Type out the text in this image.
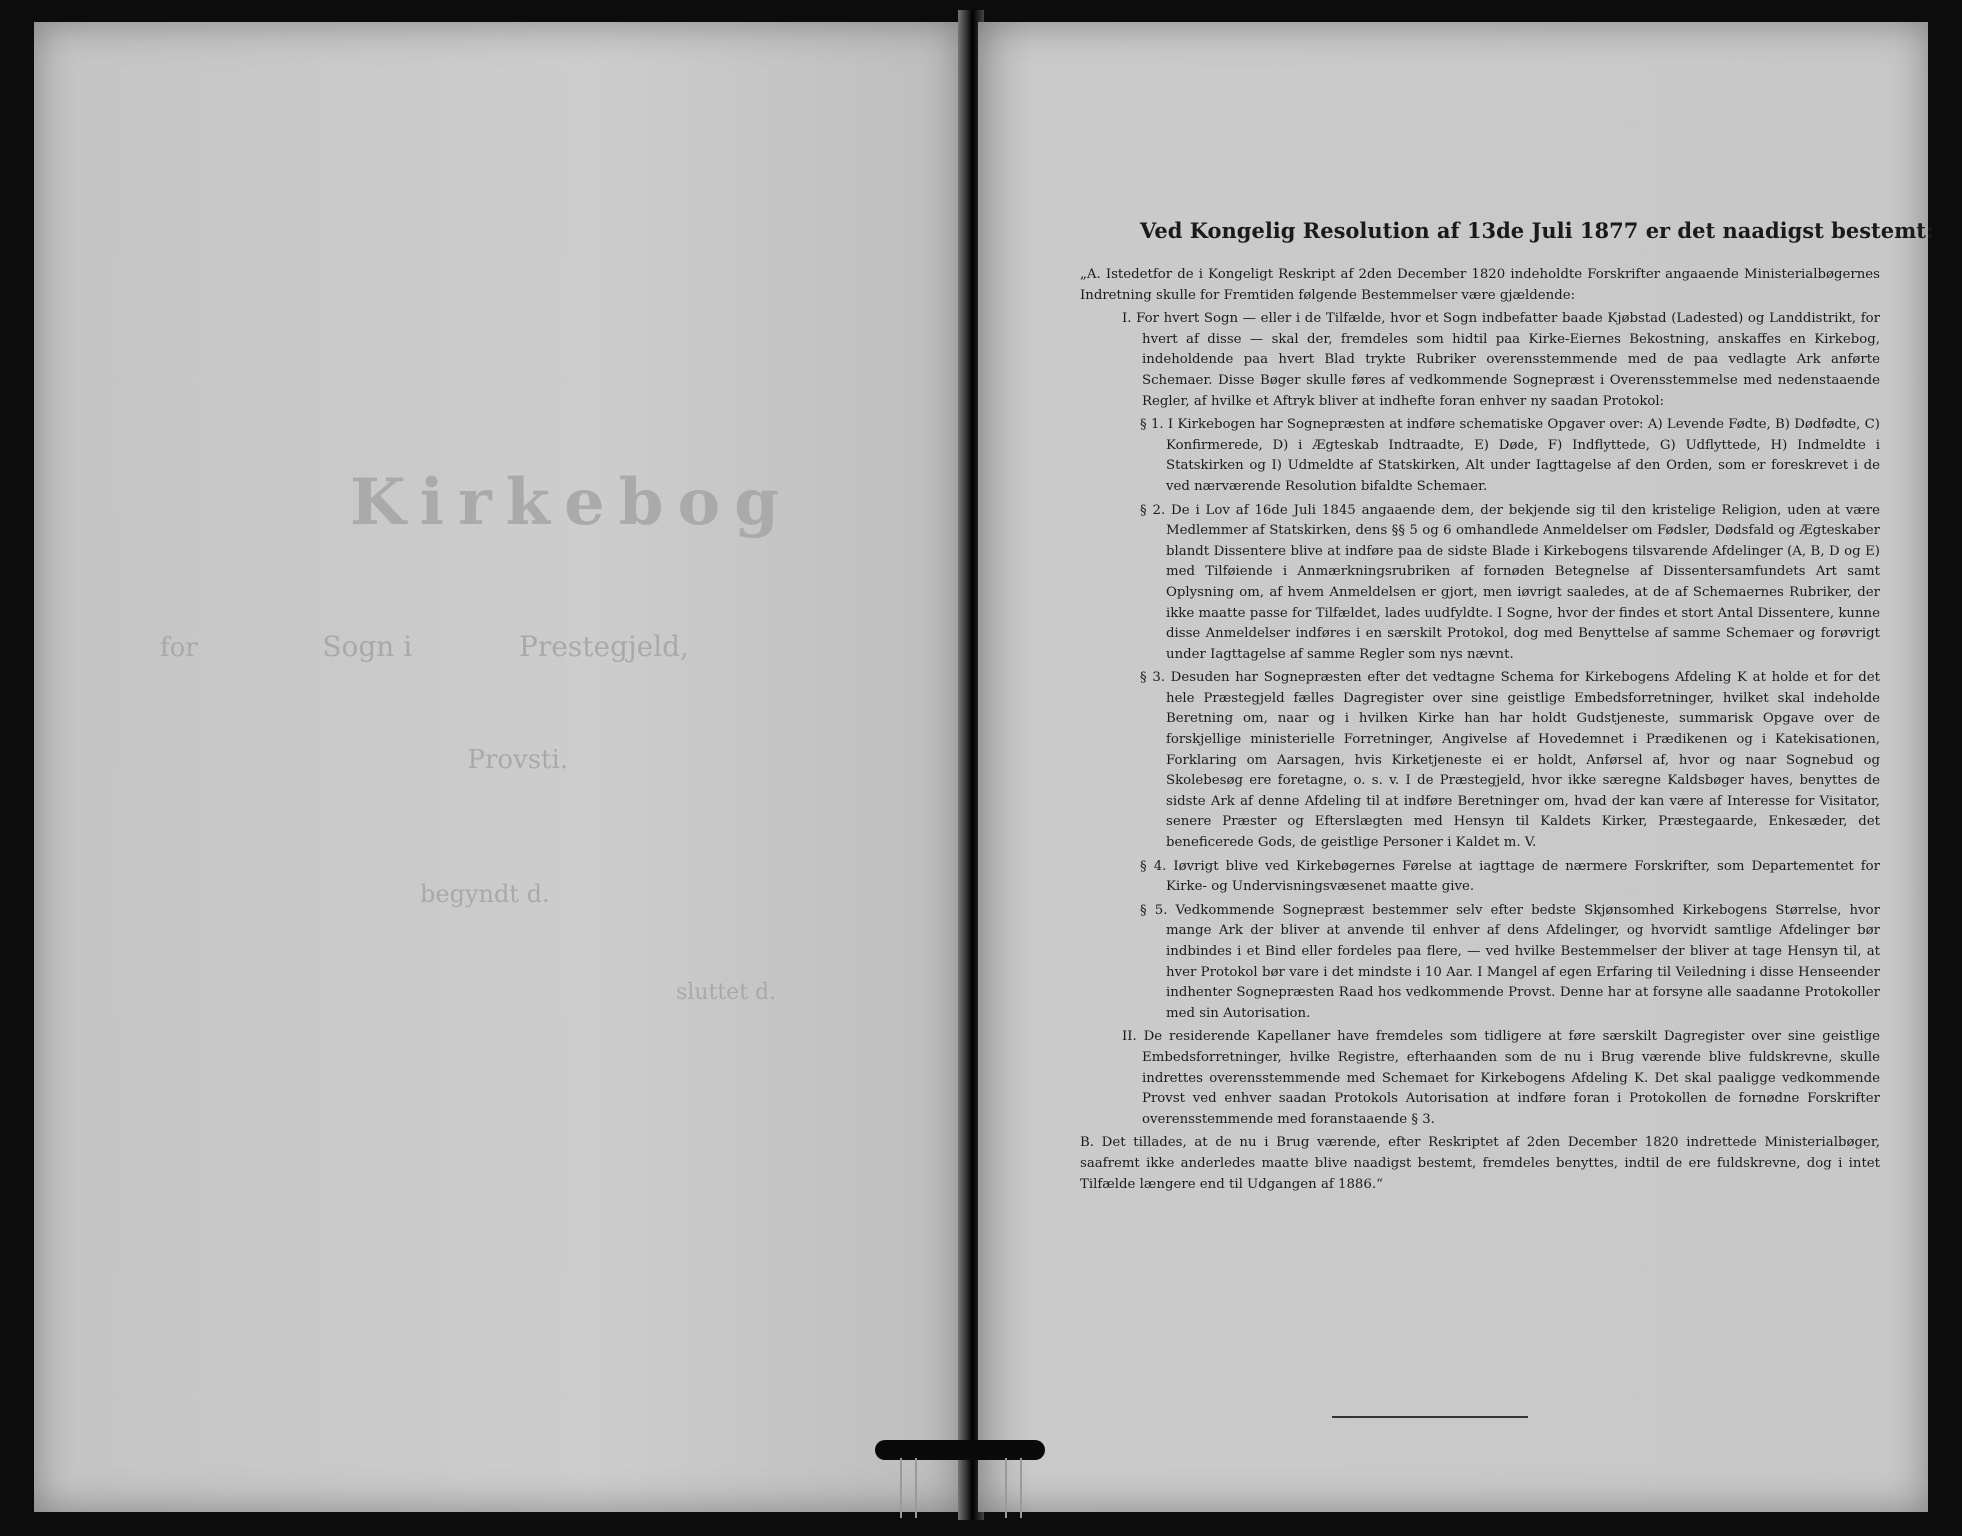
Kirkebog
for	Sogn i	Prestegjeld,
Provsti.
begyndt d.
sluttet d.
Ved Kongelig Resolution af 13de Juli 1877 er det naadigst bestemt:

„A. Istedetfor de i Kongeligt Reskript af 2den December 1820 indeholdte Forskrifter angaaende Ministerialbøgernes Indretning skulle for Fremtiden følgende Bestemmelser være gjældende:

I. For hvert Sogn — eller i de Tilfælde, hvor et Sogn indbefatter baade Kjøbstad (Ladested) og Landdistrikt, for hvert af disse — skal der, fremdeles som hidtil paa Kirke-Eiernes Bekostning, anskaffes en Kirkebog, indeholdende paa hvert Blad trykte Rubriker overensstemmende med de paa vedlagte Ark anførte Schemaer. Disse Bøger skulle føres af vedkommende Sognepræst i Overensstemmelse med nedenstaaende Regler, af hvilke et Aftryk bliver at indhefte foran enhver ny saadan Protokol:

§ 1. I Kirkebogen har Sognepræsten at indføre schematiske Opgaver over: A) Levende Fødte, B) Dødfødte, C) Konfirmerede, D) i Ægteskab Indtraadte, E) Døde, F) Indflyttede, G) Udflyttede, H) Indmeldte i Statskirken og I) Udmeldte af Statskirken, Alt under Iagttagelse af den Orden, som er foreskrevet i de ved nærværende Resolution bifaldte Schemaer.

§ 2. De i Lov af 16de Juli 1845 angaaende dem, der bekjende sig til den kristelige Religion, uden at være Medlemmer af Statskirken, dens §§ 5 og 6 omhandlede Anmeldelser om Fødsler, Dødsfald og Ægteskaber blandt Dissentere blive at indføre paa de sidste Blade i Kirkebogens tilsvarende Afdelinger (A, B, D og E) med Tilføiende i Anmærkningsrubriken af fornøden Betegnelse af Dissentersamfundets Art samt Oplysning om, af hvem Anmeldelsen er gjort, men iøvrigt saaledes, at de af Schemaernes Rubriker, der ikke maatte passe for Tilfældet, lades uudfyldte. I Sogne, hvor der findes et stort Antal Dissentere, kunne disse Anmeldelser indføres i en særskilt Protokol, dog med Benyttelse af samme Schemaer og forøvrigt under Iagttagelse af samme Regler som nys nævnt.

§ 3. Desuden har Sognepræsten efter det vedtagne Schema for Kirkebogens Afdeling K at holde et for det hele Præstegjeld fælles Dagregister over sine geistlige Embedsforretninger, hvilket skal indeholde Beretning om, naar og i hvilken Kirke han har holdt Gudstjeneste, summarisk Opgave over de forskjellige ministerielle Forretninger, Angivelse af Hovedemnet i Prædikenen og i Katekisationen, Forklaring om Aarsagen, hvis Kirketjeneste ei er holdt, Anførsel af, hvor og naar Sognebud og Skolebesøg ere foretagne, o. s. v. I de Præstegjeld, hvor ikke særegne Kaldsbøger haves, benyttes de sidste Ark af denne Afdeling til at indføre Beretninger om, hvad der kan være af Interesse for Visitator, senere Præster og Efterslægten med Hensyn til Kaldets Kirker, Præstegaarde, Enkesæder, det beneficerede Gods, de geistlige Personer i Kaldet m. V.

§ 4. Iøvrigt blive ved Kirkebøgernes Førelse at iagttage de nærmere Forskrifter, som Departementet for Kirke- og Undervisningsvæsenet maatte give.

§ 5. Vedkommende Sognepræst bestemmer selv efter bedste Skjønsomhed Kirkebogens Størrelse, hvor mange Ark der bliver at anvende til enhver af dens Afdelinger, og hvorvidt samtlige Afdelinger bør indbindes i et Bind eller fordeles paa flere, — ved hvilke Bestemmelser der bliver at tage Hensyn til, at hver Protokol bør vare i det mindste i 10 Aar. I Mangel af egen Erfaring til Veiledning i disse Henseender indhenter Sognepræsten Raad hos vedkommende Provst. Denne har at forsyne alle saadanne Protokoller med sin Autorisation.

II. De residerende Kapellaner have fremdeles som tidligere at føre særskilt Dagregister over sine geistlige Embedsforretninger, hvilke Registre, efterhaanden som de nu i Brug værende blive fuldskrevne, skulle indrettes overensstemmende med Schemaet for Kirkebogens Afdeling K. Det skal paaligge vedkommende Provst ved enhver saadan Protokols Autorisation at indføre foran i Protokollen de fornødne Forskrifter overensstemmende med foranstaaende § 3.

B. Det tillades, at de nu i Brug værende, efter Reskriptet af 2den December 1820 indrettede Ministerialbøger, saafremt ikke anderledes maatte blive naadigst bestemt, fremdeles benyttes, indtil de ere fuldskrevne, dog i intet Tilfælde længere end til Udgangen af 1886.“
